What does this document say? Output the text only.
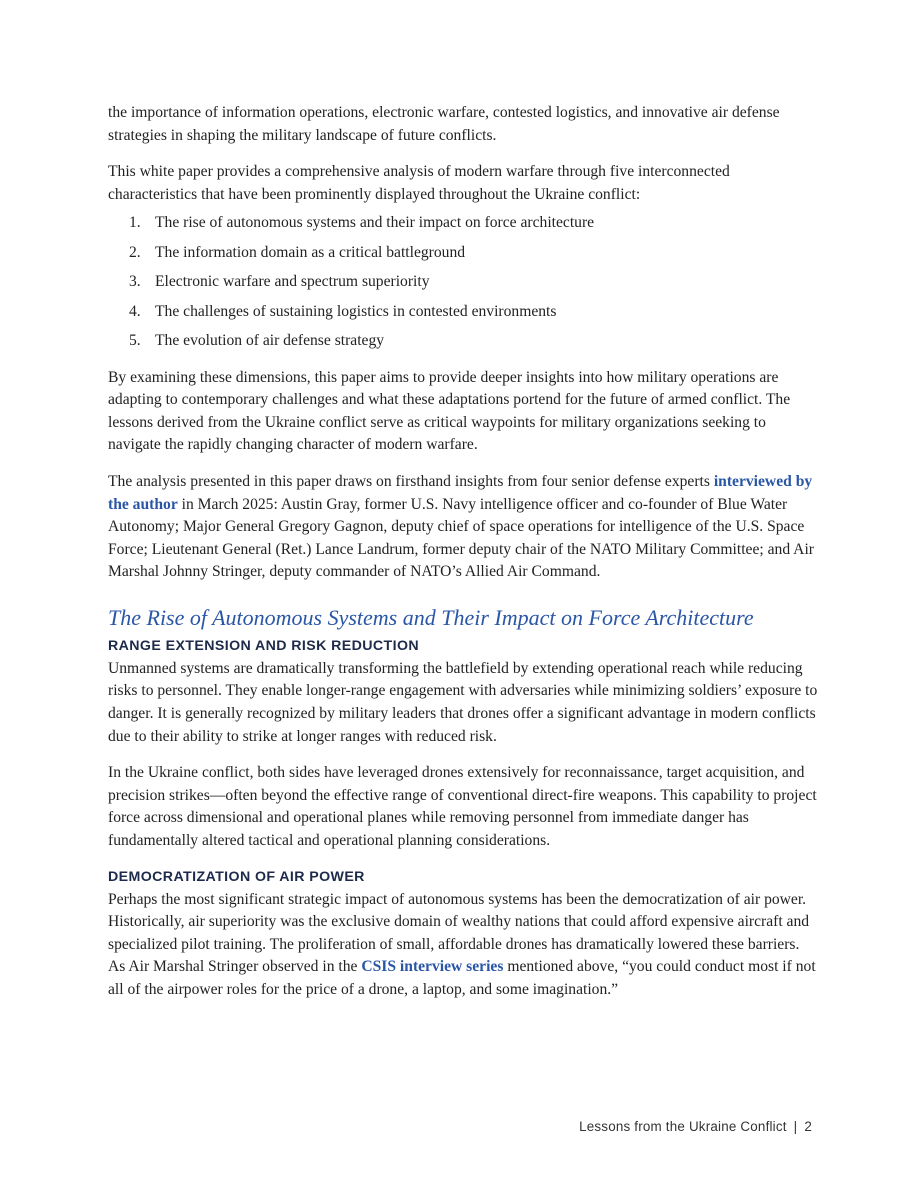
the importance of information operations, electronic warfare, contested logistics, and innovative air defense strategies in shaping the military landscape of future conflicts.

This white paper provides a comprehensive analysis of modern warfare through five interconnected characteristics that have been prominently displayed throughout the Ukraine conflict:

1. The rise of autonomous systems and their impact on force architecture
2. The information domain as a critical battleground
3. Electronic warfare and spectrum superiority
4. The challenges of sustaining logistics in contested environments
5. The evolution of air defense strategy

By examining these dimensions, this paper aims to provide deeper insights into how military operations are adapting to contemporary challenges and what these adaptations portend for the future of armed conflict. The lessons derived from the Ukraine conflict serve as critical waypoints for military organizations seeking to navigate the rapidly changing character of modern warfare.

The analysis presented in this paper draws on firsthand insights from four senior defense experts interviewed by the author in March 2025: Austin Gray, former U.S. Navy intelligence officer and co-founder of Blue Water Autonomy; Major General Gregory Gagnon, deputy chief of space operations for intelligence of the U.S. Space Force; Lieutenant General (Ret.) Lance Landrum, former deputy chair of the NATO Military Committee; and Air Marshal Johnny Stringer, deputy commander of NATO’s Allied Air Command.

The Rise of Autonomous Systems and Their Impact on Force Architecture
RANGE EXTENSION AND RISK REDUCTION

Unmanned systems are dramatically transforming the battlefield by extending operational reach while reducing risks to personnel. They enable longer-range engagement with adversaries while minimizing soldiers’ exposure to danger. It is generally recognized by military leaders that drones offer a significant advantage in modern conflicts due to their ability to strike at longer ranges with reduced risk.

In the Ukraine conflict, both sides have leveraged drones extensively for reconnaissance, target acquisition, and precision strikes—often beyond the effective range of conventional direct-fire weapons. This capability to project force across dimensional and operational planes while removing personnel from immediate danger has fundamentally altered tactical and operational planning considerations.

DEMOCRATIZATION OF AIR POWER

Perhaps the most significant strategic impact of autonomous systems has been the democratization of air power. Historically, air superiority was the exclusive domain of wealthy nations that could afford expensive aircraft and specialized pilot training. The proliferation of small, affordable drones has dramatically lowered these barriers. As Air Marshal Stringer observed in the CSIS interview series mentioned above, “you could conduct most if not all of the airpower roles for the price of a drone, a laptop, and some imagination.”

Lessons from the Ukraine Conflict | 2
